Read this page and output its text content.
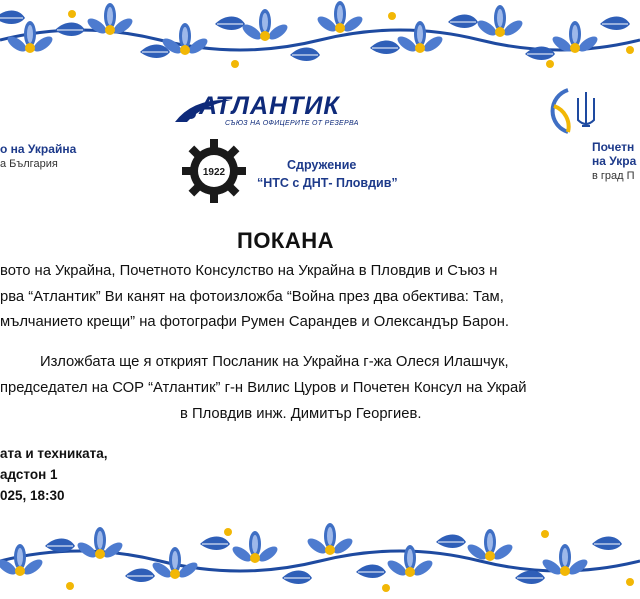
о на Украйна
а България
АТЛАНТИК
СЪЮЗ НА ОФИЦЕРИТЕ ОТ РЕЗЕРВА
1922
Сдружение
“НТС с ДНТ- Пловдив”
Почетн
на Укра
в град П
ПОКАНА
вото на Украйна, Почетното Консулство на Украйна в Пловдив и Съюз н
рва “Атлантик” Ви канят на фотоизложба “Война през два обектива: Там,
мълчанието крещи” на фотографи Румен Сарандев и Олександър Барон.
Изложбата ще я открият Посланик на Украйна г-жа Олеся Илашчук,
председател на СОР “Атлантик” г-н Вилис Цуров и Почетен Консул на Украй
в Пловдив инж. Димитър Георгиев.
ата и техниката,
адстон 1
025, 18:30
